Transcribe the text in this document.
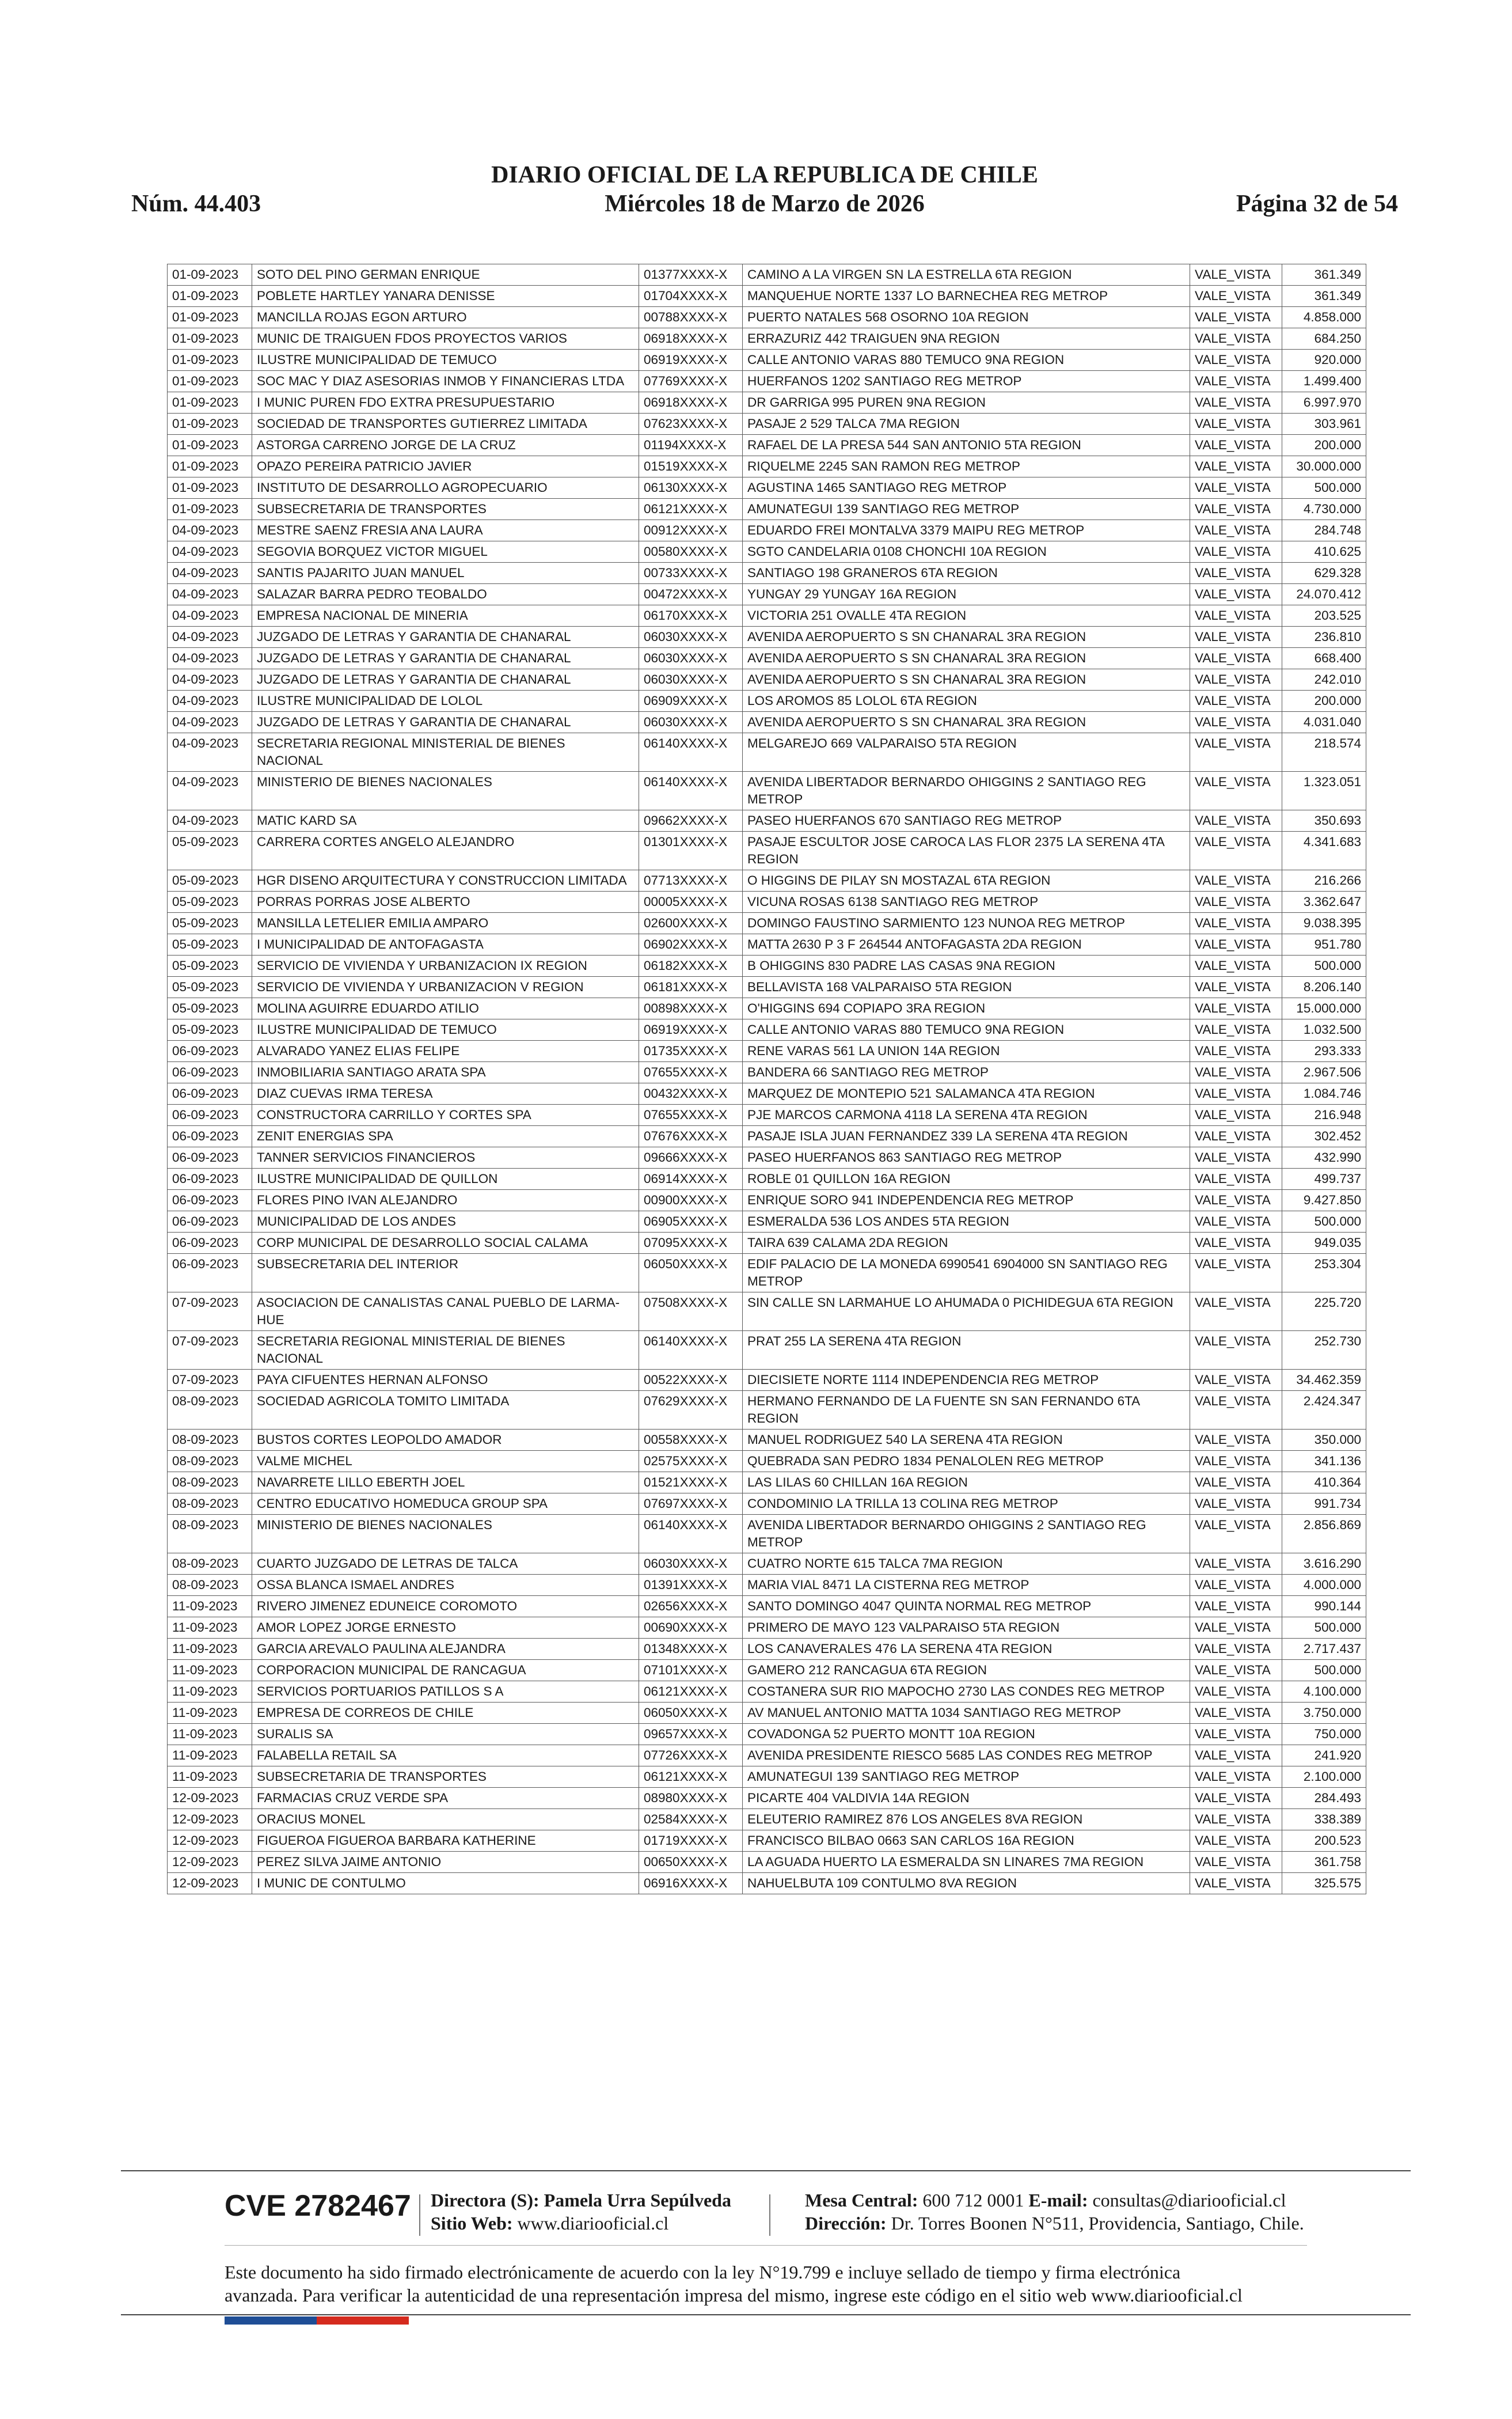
DIARIO OFICIAL DE LA REPUBLICA DE CHILE
Núm. 44.403	Miércoles 18 de Marzo de 2026	Página 32 de 54
01-09-2023	SOTO DEL PINO GERMAN ENRIQUE	01377XXXX-X	CAMINO A LA VIRGEN SN LA ESTRELLA 6TA REGION	VALE_VISTA	361.349
01-09-2023	POBLETE HARTLEY YANARA DENISSE	01704XXXX-X	MANQUEHUE NORTE 1337 LO BARNECHEA REG METROP	VALE_VISTA	361.349
01-09-2023	MANCILLA ROJAS EGON ARTURO	00788XXXX-X	PUERTO NATALES 568 OSORNO 10A REGION	VALE_VISTA	4.858.000
01-09-2023	MUNIC DE TRAIGUEN FDOS PROYECTOS VARIOS	06918XXXX-X	ERRAZURIZ 442 TRAIGUEN 9NA REGION	VALE_VISTA	684.250
01-09-2023	ILUSTRE MUNICIPALIDAD DE TEMUCO	06919XXXX-X	CALLE ANTONIO VARAS 880 TEMUCO 9NA REGION	VALE_VISTA	920.000
01-09-2023	SOC MAC Y DIAZ ASESORIAS INMOB Y FINANCIERAS LTDA	07769XXXX-X	HUERFANOS 1202 SANTIAGO REG METROP	VALE_VISTA	1.499.400
01-09-2023	I MUNIC PUREN FDO EXTRA PRESUPUESTARIO	06918XXXX-X	DR GARRIGA 995 PUREN 9NA REGION	VALE_VISTA	6.997.970
01-09-2023	SOCIEDAD DE TRANSPORTES GUTIERREZ LIMITADA	07623XXXX-X	PASAJE 2 529 TALCA 7MA REGION	VALE_VISTA	303.961
01-09-2023	ASTORGA CARRENO JORGE DE LA CRUZ	01194XXXX-X	RAFAEL DE LA PRESA 544 SAN ANTONIO 5TA REGION	VALE_VISTA	200.000
01-09-2023	OPAZO PEREIRA PATRICIO JAVIER	01519XXXX-X	RIQUELME 2245 SAN RAMON REG METROP	VALE_VISTA	30.000.000
01-09-2023	INSTITUTO DE DESARROLLO AGROPECUARIO	06130XXXX-X	AGUSTINA 1465 SANTIAGO REG METROP	VALE_VISTA	500.000
01-09-2023	SUBSECRETARIA DE TRANSPORTES	06121XXXX-X	AMUNATEGUI 139 SANTIAGO REG METROP	VALE_VISTA	4.730.000
04-09-2023	MESTRE SAENZ FRESIA ANA LAURA	00912XXXX-X	EDUARDO FREI MONTALVA 3379 MAIPU REG METROP	VALE_VISTA	284.748
04-09-2023	SEGOVIA BORQUEZ VICTOR MIGUEL	00580XXXX-X	SGTO CANDELARIA 0108 CHONCHI 10A REGION	VALE_VISTA	410.625
04-09-2023	SANTIS PAJARITO JUAN MANUEL	00733XXXX-X	SANTIAGO 198 GRANEROS 6TA REGION	VALE_VISTA	629.328
04-09-2023	SALAZAR BARRA PEDRO TEOBALDO	00472XXXX-X	YUNGAY 29 YUNGAY 16A REGION	VALE_VISTA	24.070.412
04-09-2023	EMPRESA NACIONAL DE MINERIA	06170XXXX-X	VICTORIA 251 OVALLE 4TA REGION	VALE_VISTA	203.525
04-09-2023	JUZGADO DE LETRAS Y GARANTIA DE CHANARAL	06030XXXX-X	AVENIDA AEROPUERTO S SN CHANARAL 3RA REGION	VALE_VISTA	236.810
04-09-2023	JUZGADO DE LETRAS Y GARANTIA DE CHANARAL	06030XXXX-X	AVENIDA AEROPUERTO S SN CHANARAL 3RA REGION	VALE_VISTA	668.400
04-09-2023	JUZGADO DE LETRAS Y GARANTIA DE CHANARAL	06030XXXX-X	AVENIDA AEROPUERTO S SN CHANARAL 3RA REGION	VALE_VISTA	242.010
04-09-2023	ILUSTRE MUNICIPALIDAD DE LOLOL	06909XXXX-X	LOS AROMOS 85 LOLOL 6TA REGION	VALE_VISTA	200.000
04-09-2023	JUZGADO DE LETRAS Y GARANTIA DE CHANARAL	06030XXXX-X	AVENIDA AEROPUERTO S SN CHANARAL 3RA REGION	VALE_VISTA	4.031.040
04-09-2023	SECRETARIA REGIONAL MINISTERIAL DE BIENES NACIONAL	06140XXXX-X	MELGAREJO 669 VALPARAISO 5TA REGION	VALE_VISTA	218.574
04-09-2023	MINISTERIO DE BIENES NACIONALES	06140XXXX-X	AVENIDA LIBERTADOR BERNARDO OHIGGINS 2 SANTIAGO REG METROP	VALE_VISTA	1.323.051
04-09-2023	MATIC KARD SA	09662XXXX-X	PASEO HUERFANOS 670 SANTIAGO REG METROP	VALE_VISTA	350.693
05-09-2023	CARRERA CORTES ANGELO ALEJANDRO	01301XXXX-X	PASAJE ESCULTOR JOSE CAROCA LAS FLOR 2375 LA SERENA 4TA REGION	VALE_VISTA	4.341.683
05-09-2023	HGR DISENO ARQUITECTURA Y CONSTRUCCION LIMITADA	07713XXXX-X	O HIGGINS DE PILAY SN MOSTAZAL 6TA REGION	VALE_VISTA	216.266
05-09-2023	PORRAS PORRAS JOSE ALBERTO	00005XXXX-X	VICUNA ROSAS 6138 SANTIAGO REG METROP	VALE_VISTA	3.362.647
05-09-2023	MANSILLA LETELIER EMILIA AMPARO	02600XXXX-X	DOMINGO FAUSTINO SARMIENTO 123 NUNOA REG METROP	VALE_VISTA	9.038.395
05-09-2023	I MUNICIPALIDAD DE ANTOFAGASTA	06902XXXX-X	MATTA 2630 P 3 F 264544 ANTOFAGASTA 2DA REGION	VALE_VISTA	951.780
05-09-2023	SERVICIO DE VIVIENDA Y URBANIZACION IX REGION	06182XXXX-X	B OHIGGINS 830 PADRE LAS CASAS 9NA REGION	VALE_VISTA	500.000
05-09-2023	SERVICIO DE VIVIENDA Y URBANIZACION V REGION	06181XXXX-X	BELLAVISTA 168 VALPARAISO 5TA REGION	VALE_VISTA	8.206.140
05-09-2023	MOLINA AGUIRRE EDUARDO ATILIO	00898XXXX-X	O'HIGGINS 694 COPIAPO 3RA REGION	VALE_VISTA	15.000.000
05-09-2023	ILUSTRE MUNICIPALIDAD DE TEMUCO	06919XXXX-X	CALLE ANTONIO VARAS 880 TEMUCO 9NA REGION	VALE_VISTA	1.032.500
06-09-2023	ALVARADO YANEZ ELIAS FELIPE	01735XXXX-X	RENE VARAS 561 LA UNION 14A REGION	VALE_VISTA	293.333
06-09-2023	INMOBILIARIA SANTIAGO ARATA SPA	07655XXXX-X	BANDERA 66 SANTIAGO REG METROP	VALE_VISTA	2.967.506
06-09-2023	DIAZ CUEVAS IRMA TERESA	00432XXXX-X	MARQUEZ DE MONTEPIO 521 SALAMANCA 4TA REGION	VALE_VISTA	1.084.746
06-09-2023	CONSTRUCTORA CARRILLO Y CORTES SPA	07655XXXX-X	PJE MARCOS CARMONA 4118 LA SERENA 4TA REGION	VALE_VISTA	216.948
06-09-2023	ZENIT ENERGIAS SPA	07676XXXX-X	PASAJE ISLA JUAN FERNANDEZ 339 LA SERENA 4TA REGION	VALE_VISTA	302.452
06-09-2023	TANNER SERVICIOS FINANCIEROS	09666XXXX-X	PASEO HUERFANOS 863 SANTIAGO REG METROP	VALE_VISTA	432.990
06-09-2023	ILUSTRE MUNICIPALIDAD DE QUILLON	06914XXXX-X	ROBLE 01 QUILLON 16A REGION	VALE_VISTA	499.737
06-09-2023	FLORES PINO IVAN ALEJANDRO	00900XXXX-X	ENRIQUE SORO 941 INDEPENDENCIA REG METROP	VALE_VISTA	9.427.850
06-09-2023	MUNICIPALIDAD DE LOS ANDES	06905XXXX-X	ESMERALDA 536 LOS ANDES 5TA REGION	VALE_VISTA	500.000
06-09-2023	CORP MUNICIPAL DE DESARROLLO SOCIAL CALAMA	07095XXXX-X	TAIRA 639 CALAMA 2DA REGION	VALE_VISTA	949.035
06-09-2023	SUBSECRETARIA DEL INTERIOR	06050XXXX-X	EDIF PALACIO DE LA MONEDA 6990541 6904000 SN SANTIAGO REG METROP	VALE_VISTA	253.304
07-09-2023	ASOCIACION DE CANALISTAS CANAL PUEBLO DE LARMA-HUE	07508XXXX-X	SIN CALLE SN LARMAHUE LO AHUMADA 0 PICHIDEGUA 6TA REGION	VALE_VISTA	225.720
07-09-2023	SECRETARIA REGIONAL MINISTERIAL DE BIENES NACIONAL	06140XXXX-X	PRAT 255 LA SERENA 4TA REGION	VALE_VISTA	252.730
07-09-2023	PAYA CIFUENTES HERNAN ALFONSO	00522XXXX-X	DIECISIETE NORTE 1114 INDEPENDENCIA REG METROP	VALE_VISTA	34.462.359
08-09-2023	SOCIEDAD AGRICOLA TOMITO LIMITADA	07629XXXX-X	HERMANO FERNANDO DE LA FUENTE SN SAN FERNANDO 6TA REGION	VALE_VISTA	2.424.347
08-09-2023	BUSTOS CORTES LEOPOLDO AMADOR	00558XXXX-X	MANUEL RODRIGUEZ 540 LA SERENA 4TA REGION	VALE_VISTA	350.000
08-09-2023	VALME MICHEL	02575XXXX-X	QUEBRADA SAN PEDRO 1834 PENALOLEN REG METROP	VALE_VISTA	341.136
08-09-2023	NAVARRETE LILLO EBERTH JOEL	01521XXXX-X	LAS LILAS 60 CHILLAN 16A REGION	VALE_VISTA	410.364
08-09-2023	CENTRO EDUCATIVO HOMEDUCA GROUP SPA	07697XXXX-X	CONDOMINIO LA TRILLA 13 COLINA REG METROP	VALE_VISTA	991.734
08-09-2023	MINISTERIO DE BIENES NACIONALES	06140XXXX-X	AVENIDA LIBERTADOR BERNARDO OHIGGINS 2 SANTIAGO REG METROP	VALE_VISTA	2.856.869
08-09-2023	CUARTO JUZGADO DE LETRAS DE TALCA	06030XXXX-X	CUATRO NORTE 615 TALCA 7MA REGION	VALE_VISTA	3.616.290
08-09-2023	OSSA BLANCA ISMAEL ANDRES	01391XXXX-X	MARIA VIAL 8471 LA CISTERNA REG METROP	VALE_VISTA	4.000.000
11-09-2023	RIVERO JIMENEZ EDUNEICE COROMOTO	02656XXXX-X	SANTO DOMINGO 4047 QUINTA NORMAL REG METROP	VALE_VISTA	990.144
11-09-2023	AMOR LOPEZ JORGE ERNESTO	00690XXXX-X	PRIMERO DE MAYO 123 VALPARAISO 5TA REGION	VALE_VISTA	500.000
11-09-2023	GARCIA AREVALO PAULINA ALEJANDRA	01348XXXX-X	LOS CANAVERALES 476 LA SERENA 4TA REGION	VALE_VISTA	2.717.437
11-09-2023	CORPORACION MUNICIPAL DE RANCAGUA	07101XXXX-X	GAMERO 212 RANCAGUA 6TA REGION	VALE_VISTA	500.000
11-09-2023	SERVICIOS PORTUARIOS PATILLOS S A	06121XXXX-X	COSTANERA SUR RIO MAPOCHO 2730 LAS CONDES REG METROP	VALE_VISTA	4.100.000
11-09-2023	EMPRESA DE CORREOS DE CHILE	06050XXXX-X	AV MANUEL ANTONIO MATTA 1034 SANTIAGO REG METROP	VALE_VISTA	3.750.000
11-09-2023	SURALIS SA	09657XXXX-X	COVADONGA 52 PUERTO MONTT 10A REGION	VALE_VISTA	750.000
11-09-2023	FALABELLA RETAIL SA	07726XXXX-X	AVENIDA PRESIDENTE RIESCO 5685 LAS CONDES REG METROP	VALE_VISTA	241.920
11-09-2023	SUBSECRETARIA DE TRANSPORTES	06121XXXX-X	AMUNATEGUI 139 SANTIAGO REG METROP	VALE_VISTA	2.100.000
12-09-2023	FARMACIAS CRUZ VERDE SPA	08980XXXX-X	PICARTE 404 VALDIVIA 14A REGION	VALE_VISTA	284.493
12-09-2023	ORACIUS MONEL	02584XXXX-X	ELEUTERIO RAMIREZ 876 LOS ANGELES 8VA REGION	VALE_VISTA	338.389
12-09-2023	FIGUEROA FIGUEROA BARBARA KATHERINE	01719XXXX-X	FRANCISCO BILBAO 0663 SAN CARLOS 16A REGION	VALE_VISTA	200.523
12-09-2023	PEREZ SILVA JAIME ANTONIO	00650XXXX-X	LA AGUADA HUERTO LA ESMERALDA SN LINARES 7MA REGION	VALE_VISTA	361.758
12-09-2023	I MUNIC DE CONTULMO	06916XXXX-X	NAHUELBUTA 109 CONTULMO 8VA REGION	VALE_VISTA	325.575
CVE 2782467 Directora (S): Pamela Urra Sepúlveda
Sitio Web: www.diariooficial.cl
Mesa Central: 600 712 0001 E-mail: consultas@diariooficial.cl
Dirección: Dr. Torres Boonen N°511, Providencia, Santiago, Chile.
Este documento ha sido firmado electrónicamente de acuerdo con la ley N°19.799 e incluye sellado de tiempo y firma electrónica
avanzada. Para verificar la autenticidad de una representación impresa del mismo, ingrese este código en el sitio web www.diariooficial.cl
